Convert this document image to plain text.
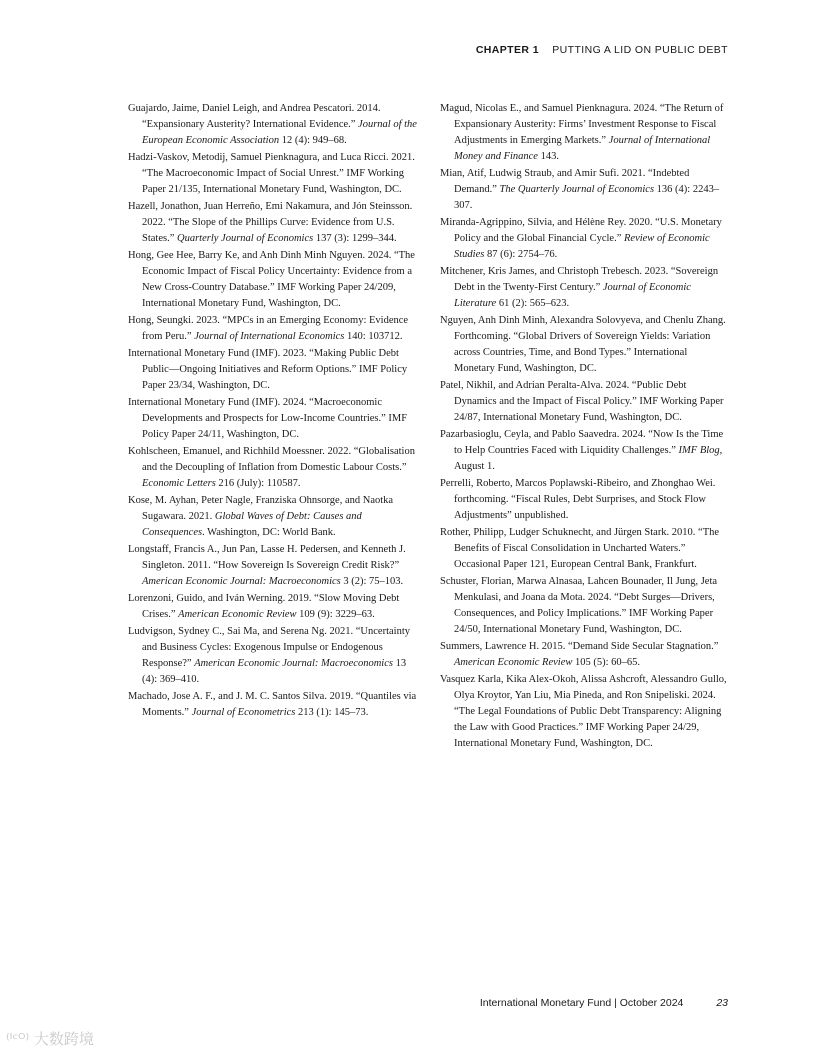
CHAPTER 1 PUTTING A LID ON PUBLIC DEBT

Guajardo, Jaime, Daniel Leigh, and Andrea Pescatori. 2014. “Expansionary Austerity? International Evidence.” Journal of the European Economic Association 12 (4): 949–68.

Hadzi-Vaskov, Metodij, Samuel Pienknagura, and Luca Ricci. 2021. “The Macroeconomic Impact of Social Unrest.” IMF Working Paper 21/135, International Monetary Fund, Washington, DC.

Hazell, Jonathon, Juan Herreño, Emi Nakamura, and Jón Steinsson. 2022. “The Slope of the Phillips Curve: Evidence from U.S. States.” Quarterly Journal of Economics 137 (3): 1299–344.

Hong, Gee Hee, Barry Ke, and Anh Dinh Minh Nguyen. 2024. “The Economic Impact of Fiscal Policy Uncertainty: Evidence from a New Cross-Country Database.” IMF Working Paper 24/209, International Monetary Fund, Washington, DC.

Hong, Seungki. 2023. “MPCs in an Emerging Economy: Evidence from Peru.” Journal of International Economics 140: 103712.

International Monetary Fund (IMF). 2023. “Making Public Debt Public—Ongoing Initiatives and Reform Options.” IMF Policy Paper 23/34, Washington, DC.

International Monetary Fund (IMF). 2024. “Macroeconomic Developments and Prospects for Low-Income Countries.” IMF Policy Paper 24/11, Washington, DC.

Kohlscheen, Emanuel, and Richhild Moessner. 2022. “Globalisation and the Decoupling of Inflation from Domestic Labour Costs.” Economic Letters 216 (July): 110587.

Kose, M. Ayhan, Peter Nagle, Franziska Ohnsorge, and Naotka Sugawara. 2021. Global Waves of Debt: Causes and Consequences. Washington, DC: World Bank.

Longstaff, Francis A., Jun Pan, Lasse H. Pedersen, and Kenneth J. Singleton. 2011. “How Sovereign Is Sovereign Credit Risk?” American Economic Journal: Macroeconomics 3 (2): 75–103.

Lorenzoni, Guido, and Iván Werning. 2019. “Slow Moving Debt Crises.” American Economic Review 109 (9): 3229–63.

Ludvigson, Sydney C., Sai Ma, and Serena Ng. 2021. “Uncertainty and Business Cycles: Exogenous Impulse or Endogenous Response?” American Economic Journal: Macroeconomics 13 (4): 369–410.

Machado, Jose A. F., and J. M. C. Santos Silva. 2019. “Quantiles via Moments.” Journal of Econometrics 213 (1): 145–73.

Magud, Nicolas E., and Samuel Pienknagura. 2024. “The Return of Expansionary Austerity: Firms’ Investment Response to Fiscal Adjustments in Emerging Markets.” Journal of International Money and Finance 143.

Mian, Atif, Ludwig Straub, and Amir Sufi. 2021. “Indebted Demand.” The Quarterly Journal of Economics 136 (4): 2243–307.

Miranda-Agrippino, Silvia, and Hélène Rey. 2020. “U.S. Monetary Policy and the Global Financial Cycle.” Review of Economic Studies 87 (6): 2754–76.

Mitchener, Kris James, and Christoph Trebesch. 2023. “Sovereign Debt in the Twenty-First Century.” Journal of Economic Literature 61 (2): 565–623.

Nguyen, Anh Dinh Minh, Alexandra Solovyeva, and Chenlu Zhang. Forthcoming. “Global Drivers of Sovereign Yields: Variation across Countries, Time, and Bond Types.” International Monetary Fund, Washington, DC.

Patel, Nikhil, and Adrian Peralta-Alva. 2024. “Public Debt Dynamics and the Impact of Fiscal Policy.” IMF Working Paper 24/87, International Monetary Fund, Washington, DC.

Pazarbasioglu, Ceyla, and Pablo Saavedra. 2024. “Now Is the Time to Help Countries Faced with Liquidity Challenges.” IMF Blog, August 1.

Perrelli, Roberto, Marcos Poplawski-Ribeiro, and Zhonghao Wei. forthcoming. “Fiscal Rules, Debt Surprises, and Stock Flow Adjustments” unpublished.

Rother, Philipp, Ludger Schuknecht, and Jürgen Stark. 2010. “The Benefits of Fiscal Consolidation in Uncharted Waters.” Occasional Paper 121, European Central Bank, Frankfurt.

Schuster, Florian, Marwa Alnasaa, Lahcen Bounader, Il Jung, Jeta Menkulasi, and Joana da Mota. 2024. “Debt Surges—Drivers, Consequences, and Policy Implications.” IMF Working Paper 24/50, International Monetary Fund, Washington, DC.

Summers, Lawrence H. 2015. “Demand Side Secular Stagnation.” American Economic Review 105 (5): 60–65.

Vasquez Karla, Kika Alex-Okoh, Alissa Ashcroft, Alessandro Gullo, Olya Kroytor, Yan Liu, Mia Pineda, and Ron Snipeliski. 2024. “The Legal Foundations of Public Debt Transparency: Aligning the Law with Good Practices.” IMF Working Paper 24/29, International Monetary Fund, Washington, DC.

International Monetary Fund | October 2024	23
⁽ᴵᶜᴼ⁾ 大数跨境
